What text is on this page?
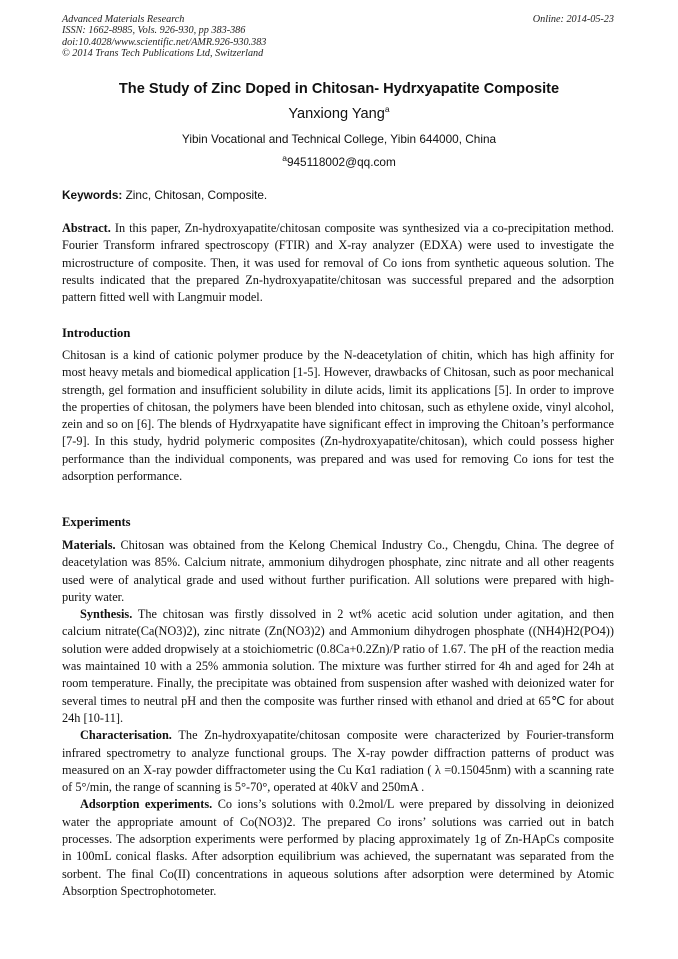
Advanced Materials Research
ISSN: 1662-8985, Vols. 926-930, pp 383-386
doi:10.4028/www.scientific.net/AMR.926-930.383
© 2014 Trans Tech Publications Ltd, Switzerland
Online: 2014-05-23
The Study of Zinc Doped in Chitosan- Hydrxyapatite Composite
Yanxiong Yang$^a$
Yibin Vocational and Technical College, Yibin 644000, China
$^a$945118002@qq.com
Keywords: Zinc, Chitosan, Composite.

Abstract. In this paper, Zn-hydroxyapatite/chitosan composite was synthesized via a co-precipitation method. Fourier Transform infrared spectroscopy (FTIR) and X-ray analyzer (EDXA) were used to investigate the microstructure of composite. Then, it was used for removal of Co ions from synthetic aqueous solution. The results indicated that the prepared Zn-hydroxyapatite/chitosan was successful prepared and the adsorption pattern fitted well with Langmuir model.

Introduction

Chitosan is a kind of cationic polymer produce by the N-deacetylation of chitin, which has high affinity for most heavy metals and biomedical application [1-5]. However, drawbacks of Chitosan, such as poor mechanical strength, gel formation and insufficient solubility in dilute acids, limit its applications [5]. In order to improve the properties of chitosan, the polymers have been blended into chitosan, such as ethylene oxide, vinyl alcohol, zein and so on [6]. The blends of Hydrxyapatite have significant effect in improving the Chitoan’s performance [7-9]. In this study, hydrid polymeric composites (Zn-hydroxyapatite/chitosan), which could possess higher performance than the individual components, was prepared and was used for removing Co ions for test the adsorption performance.

Experiments

Materials. Chitosan was obtained from the Kelong Chemical Industry Co., Chengdu, China. The degree of deacetylation was 85%. Calcium nitrate, ammonium dihydrogen phosphate, zinc nitrate and all other reagents used were of analytical grade and used without further purification. All solutions were prepared with high-purity water.

Synthesis. The chitosan was firstly dissolved in 2 wt% acetic acid solution under agitation, and then calcium nitrate(Ca(NO3)2), zinc nitrate (Zn(NO3)2) and Ammonium dihydrogen phosphate ((NH4)H2(PO4)) solution were added dropwisely at a stoichiometric (0.8Ca+0.2Zn)/P ratio of 1.67. The pH of the reaction media was maintained 10 with a 25% ammonia solution. The mixture was further stirred for 4h and aged for 24h at room temperature. Finally, the precipitate was obtained from suspension after washed with deionized water for several times to neutral pH and then the composite was further rinsed with ethanol and dried at 65℃ for about 24h [10-11].

Characterisation. The Zn-hydroxyapatite/chitosan composite were characterized by Fourier-transform infrared spectrometry to analyze functional groups. The X-ray powder diffraction patterns of product was measured on an X-ray powder diffractometer using the Cu Kα1 radiation ( λ =0.15045nm) with a scanning rate of 5°/min, the range of scanning is 5°-70°, operated at 40kV and 250mA .

Adsorption experiments. Co ions’s solutions with 0.2mol/L were prepared by dissolving in deionized water the appropriate amount of Co(NO3)2. The prepared Co irons’ solutions was carried out in batch processes. The adsorption experiments were performed by placing approximately 1g of Zn-HApCs composite in 100mL conical flasks. After adsorption equilibrium was achieved, the supernatant was separated from the sorbent. The final Co(II) concentrations in aqueous solutions after adsorption were determined by Atomic Absorption Spectrophotometer.
